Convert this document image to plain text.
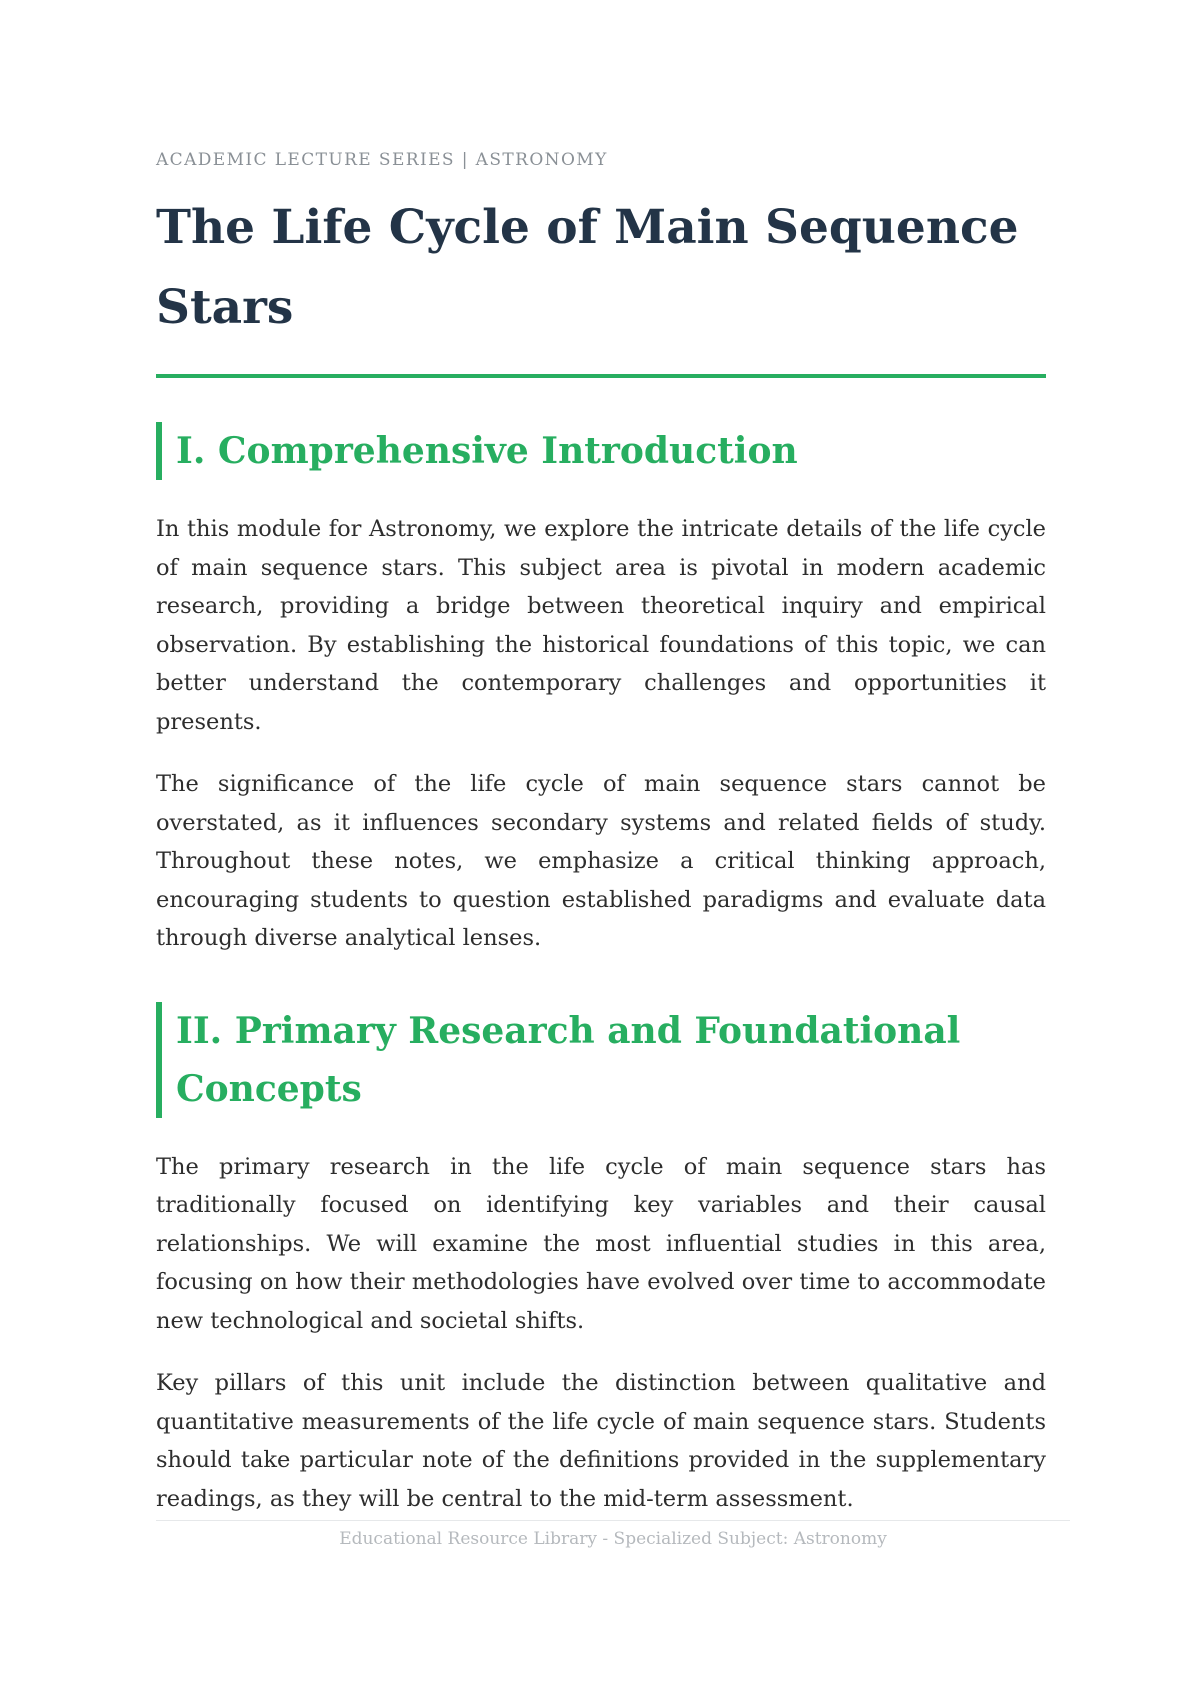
ACADEMIC LECTURE SERIES | ASTRONOMY
The Life Cycle of Main Sequence Stars
I. Comprehensive Introduction

In this module for Astronomy, we explore the intricate details of the life cycle of main sequence stars. This subject area is pivotal in modern academic research, providing a bridge between theoretical inquiry and empirical observation. By establishing the historical foundations of this topic, we can better understand the contemporary challenges and opportunities it presents.

The significance of the life cycle of main sequence stars cannot be overstated, as it influences secondary systems and related fields of study. Throughout these notes, we emphasize a critical thinking approach, encouraging students to question established paradigms and evaluate data through diverse analytical lenses.

II. Primary Research and Foundational Concepts

The primary research in the life cycle of main sequence stars has traditionally focused on identifying key variables and their causal relationships. We will examine the most influential studies in this area, focusing on how their methodologies have evolved over time to accommodate new technological and societal shifts.

Key pillars of this unit include the distinction between qualitative and quantitative measurements of the life cycle of main sequence stars. Students should take particular note of the definitions provided in the supplementary readings, as they will be central to the mid-term assessment.

Educational Resource Library - Specialized Subject: Astronomy
